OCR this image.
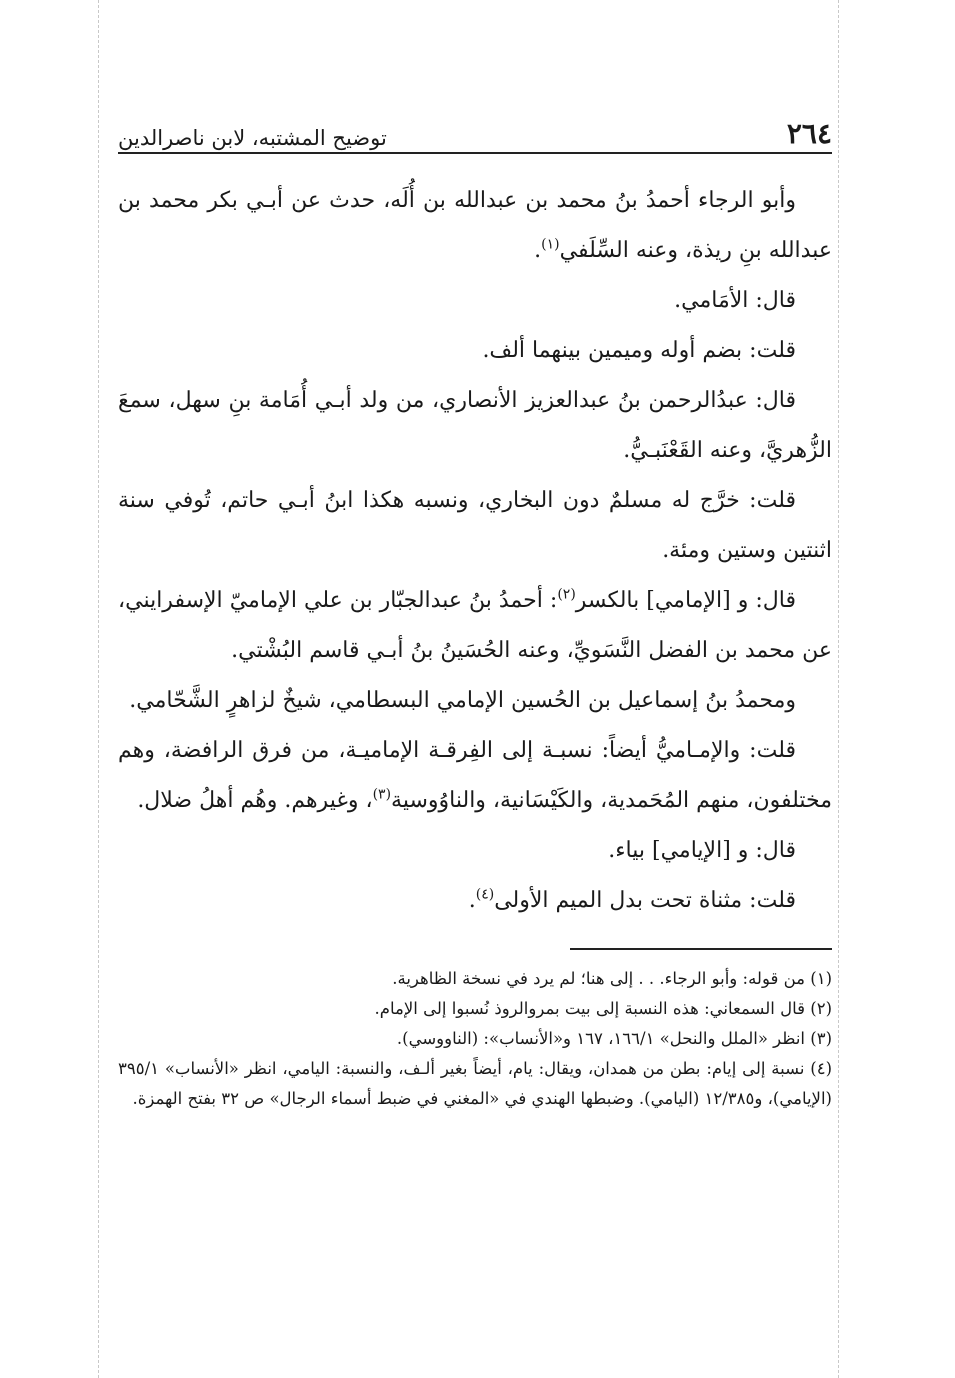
٢٦٤
توضيح المشتبه، لابن ناصرالدين

وأبو الرجاء أحمدُ بنُ محمد بن عبدالله بن أُلَه، حدث عن أبـي بكر محمد بن عبدالله بنِ ريذة، وعنه السِّلَفي$^{(١)}$.

قال: الأمَامي.

قلت: بضم أوله وميمين بينهما ألف.

قال: عبدُالرحمن بنُ عبدالعزيز الأنصاري، من ولد أبـي أُمَامة بنِ سهل، سمعَ الزُّهريَّ، وعنه القَعْنَبـيُّ.

قلت: خرَّج له مسلمٌ دون البخاري، ونسبه هكذا ابنُ أبـي حاتم، تُوفي سنة اثنتين وستين ومئة.

قال: و [الإمامي] بالكسر$^{(٢)}$: أحمدُ بنُ عبدالجبّار بن علي الإماميّ الإسفرايني، عن محمد بن الفضل النَّسَويِّ، وعنه الحُسَينُ بنُ أبـي قاسم البُشْتي.

ومحمدُ بنُ إسماعيل بن الحُسين الإمامي البسطامي، شيخٌ لزاهرٍ الشَّحّامي.

قلت: والإمـاميُّ أيضاً: نسبـة إلى الفِرقـة الإماميـة، من فرق الرافضة، وهم مختلفون، منهم المُحَمدية، والكَيْسَانية، والناوُوسية$^{(٣)}$، وغيرهم. وهُم أهلُ ضلال.

قال: و [الإيامي] بياء.

قلت: مثناة تحت بدل الميم الأولى$^{(٤)}$.

(١) من قوله: وأبو الرجاء. . . إلى هنا؛ لم يرد في نسخة الظاهرية.

(٢) قال السمعاني: هذه النسبة إلى بيت بمروالروذ نُسبوا إلى الإمام.

(٣) انظر «الملل والنحل» ١٦٦/١، ١٦٧ و«الأنساب»: (الناووسي).

(٤) نسبة إلى إيام: بطن من همدان، ويقال: يام، أيضاً بغير ألـف، والنسبة: اليامي، انظر «الأنساب» ٣٩٥/١ (الإيامي)، و١٢/٣٨٥ (اليامي). وضبطها الهندي في «المغني في ضبط أسماء الرجال» ص ٣٢ بفتح الهمزة.
